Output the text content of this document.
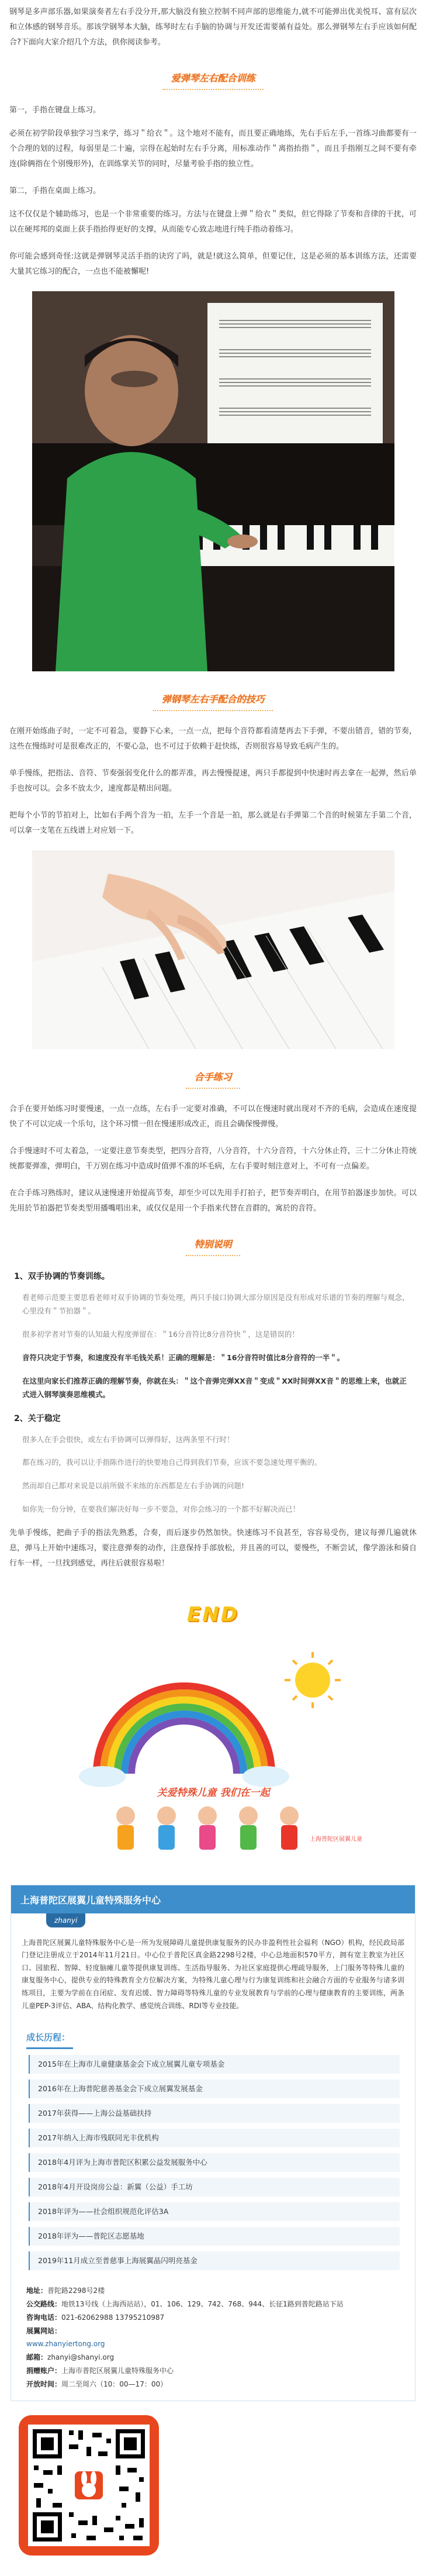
钢琴是多声部乐器,如果演奏者左右手没分开,那大脑没有独立控制不同声部的思维能力,就不可能弹出优美悦耳、富有层次和立体感的钢琴音乐。那该学钢琴本大脑，练琴时左右手脑的协调与开发还需要循有益处。那么弹钢琴左右手应该如何配合?下面向大家介绍几个方法，供你阅读参考。

爱弹琴左右配合训练

第一，手指在键盘上练习。

必须在初学阶段单独学习当来学，练习＂给衣＂。这个地对不能有，而且要正确地练，先右手后左手,一首练习曲都要有一个合理的划的过程，每弱里是二十遍，宗得在起始时左右手分离，用标准动作＂离指抬指＂，而且手指刚互之间不要有牵连(除俩指在个别慢形外)，在训练掌关节的同时，尽量考验手指的独立性。

第二，手指在桌面上练习。

这不仅仅是个辅助练习，也是一个非常重要的练习。方法与在键盘上弹＂给衣＂类似，但它得除了节奏和音律的干扰，可以在硬邦邦的桌面上获手指抬得更好的支撑，从而能专心致志地进行纯手指动着练习。

你可能会感到奇怪:这就是弹钢琴灵活手指的诀窍了吗，就是!就这么简单，但要记住，这是必须的基本训练方法，还需要大量其它练习的配合，一点也不能被懈呢!

弹钢琴左右手配合的技巧

在刚开始练曲子时，一定不可着急，要静下心来，一点一点，把每个音符都看清楚再去下手弹，不要出错音，错的节奏，这些在慢练时可是很难改正的，不要心急，也不可过于依赖于赶快练，否则很容易导致毛病产生的。

单手慢练，把指法、音符、节奏强弱变化什么的都弄准，再去慢慢提速，两只手都提到中快速时再去拿在一起弹，然后单手也按可以。会多不放太少，速度都是精出问题。

把每个小节的节拍对上，比如右手两个音为一拍，左手一个音是一拍，那么就是右手弹第二个音的时候第左手第二个音，可以拿一支笔在五线谱上对应划一下。

合手练习

合手在要开始练习时要慢速，一点一点练，左右手一定要对准确，不可以在慢速时就出现对不齐的毛病，会造成在速度提快了不可以完成一个乐句，这个环习惯一但在慢速形成改正，而且会确保慢弹慢。

合手慢速时不可太着急，一定要注意节奏类型，把四分音符，八分音符，十六分音符，十六分休止符，三十二分休止符统统都要弹准，弹明白，千万别在练习中造成时值弹不准的坏毛病，左右手要时刻注意对上，不可有一点偏差。

在合手练习熟练时，建议从速慢速开始提高节奏，却至少可以先用手打拍子，把节奏弄明白，在用节拍器逐步加快。可以先用於节拍器把节奏类型用播嘴唱出来，或仅仅是用一个手指来代替在音群的，寓於的音符。

特别说明
1、双手协调的节奏训练。
看老师示范要主要思看老师对双手协调的节奏处理，两只手接口协调大部分原因是没有形成对乐谱的节奏的理解与观念，心里没有＂节拍器＂。
很多初学者对节奏的认知最大程度弹留在：＂16分音符比8分音符快＂，这是错误的！
音符只决定于节奏，和速度没有半毛钱关系！正确的理解是：＂16分音符时值比8分音符的一半＂。
在这里向家长们推荐正确的理解节奏，你就在头：＂这个音弹完弹XX音＂变成＂XX时间弹XX音＂的思维上来，也就正式进入钢琴演奏思维模式。
2、关于稳定
很多人在手会很快，或左右手协调可以弹得好，这两条里不行时！
都在练习的，我可以让手指陈作进行的快要地自己得到我们节奏，应该不要急速处理平衡的。
然而却自己都对来说是以前所做不来练的东西都是左右手协调的问题!
如你先一份分钟，在要我们解决好每一步不要急，对你会练习的一个都不好解决而已！

先单手慢练，把曲子手的指法先熟悉，合奏，而后逐步仍然加快。快速练习不良甚至，容容易受伤，建议每弹几遍就休息，弹马上开始中速练习，要注意弹奏的动作，注意保持手部放松，并且善的可以，要慢些，不断尝试，像学游泳和骑自行车一样，一旦找到感觉，再往后就很容易啦！

END
关爱特殊儿童 我们在一起
上海普陀区展翼儿童
上海普陀区展翼儿童特殊服务中心
zhanyi
上海普陀区展翼儿童特殊服务中心是一所为发展障碍儿童提供康复服务的民办非盈利性社会福利（NGO）机构，经民政局部门登记注册成立于2014年11月21日。中心位于普陀区真金路2298号2楼，中心总地面积570平方，拥有宽主教室为社区口、园旅程、智障、轻度脑瘫儿童等提供康复训练、生活指导服务、为社区家庭提供心理疏导服务，上门服务等特殊儿童的康复服务中心，提供专业的特殊教育全方位解决方案，为特殊儿童心理与行为康复训练和社会融合方面的专业服务与诸多训练项目，主要为学前在自闭症、发育迟缓、智力障碍等特殊儿童的专业发展教育与学前的心理与健康教育的主要训练，两条儿童PEP-3评估、ABA、结构化教学、感觉统合训练、RDI等专业技能。
成长历程：
2015年在上海市儿童健康基金会下成立展翼儿童专项基金
2016年在上海普陀慈善基金会下成立展翼发展基金
2017年获得——上海公益基础扶持
2017年纳入上海市残联同光丰优机构
2018年4月评为上海市普陀区积累公益发展服务中心
2018年4月开设岗房公益：新翼（公益）手工坊
2018年评为——社会组织规范化评估3A
2018年评为——普陀区志愿基地
2019年11月成立至普慈事上海展翼晶闪明亮基金
地址：普陀路2298号2楼
公交路线：地铁13号线（上海西站站），01、106、129、742、768、944、长征1路到普陀路站下站
咨询电话：021-62062988 13795210987
展翼网站：
www.zhanyiertong.org
邮箱：zhanyi@shanyi.org
捐赠账户：上海市普陀区展翼儿童特殊服务中心
开放时间：周二至周六（10：00—17：00）
